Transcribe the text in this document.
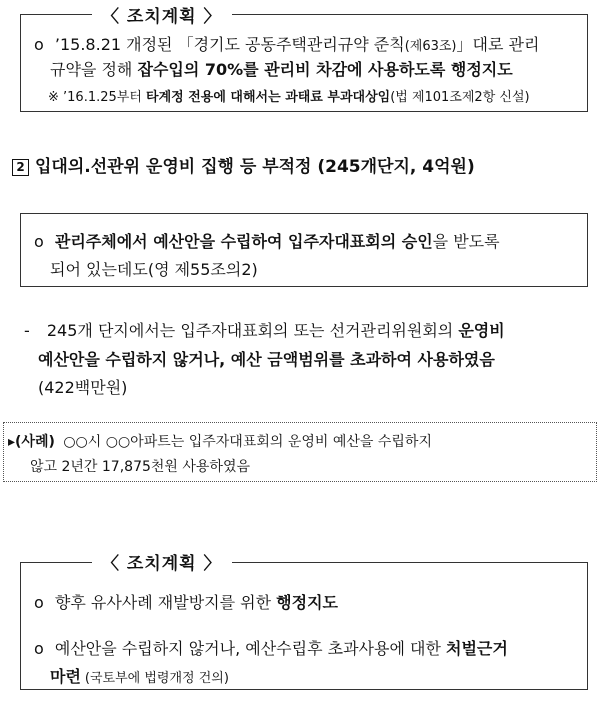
〈 조치계획 〉
o ’15.8.21 개정된 「경기도 공동주택관리규약 준칙(제63조)」대로 관리
규약을 정해 잡수입의 70%를 관리비 차감에 사용하도록 행정지도
※ ’16.1.25부터 타계정 전용에 대해서는 과태료 부과대상임(법 제101조제2항 신설)
2 입대의.선관위 운영비 집행 등 부적정 (245개단지, 4억원)
o 관리주체에서 예산안을 수립하여 입주자대표회의 승인을 받도록
되어 있는데도(영 제55조의2)
- 245개 단지에서는 입주자대표회의 또는 선거관리위원회의 운영비
예산안을 수립하지 않거나, 예산 금액범위를 초과하여 사용하였음
(422백만원)
▸(사례) ○○시 ○○아파트는 입주자대표회의 운영비 예산을 수립하지
않고 2년간 17,875천원 사용하였음
〈 조치계획 〉
o 향후 유사사례 재발방지를 위한 행정지도
o 예산안을 수립하지 않거나, 예산수립후 초과사용에 대한 처벌근거
마련 (국토부에 법령개정 건의)
